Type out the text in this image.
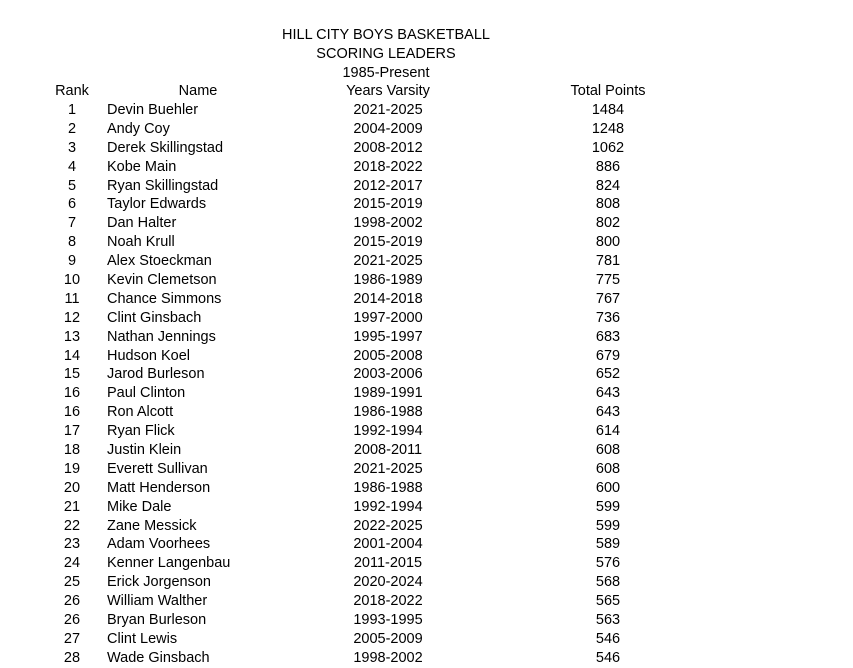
HILL CITY BOYS BASKETBALL
SCORING LEADERS
1985-Present
Rank	Name	Years Varsity	Total Points
1	Devin Buehler	2021-2025	1484
2	Andy Coy	2004-2009	1248
3	Derek Skillingstad	2008-2012	1062
4	Kobe Main	2018-2022	886
5	Ryan Skillingstad	2012-2017	824
6	Taylor Edwards	2015-2019	808
7	Dan Halter	1998-2002	802
8	Noah Krull	2015-2019	800
9	Alex Stoeckman	2021-2025	781
10	Kevin Clemetson	1986-1989	775
11	Chance Simmons	2014-2018	767
12	Clint Ginsbach	1997-2000	736
13	Nathan Jennings	1995-1997	683
14	Hudson Koel	2005-2008	679
15	Jarod Burleson	2003-2006	652
16	Paul Clinton	1989-1991	643
16	Ron Alcott	1986-1988	643
17	Ryan Flick	1992-1994	614
18	Justin Klein	2008-2011	608
19	Everett Sullivan	2021-2025	608
20	Matt Henderson	1986-1988	600
21	Mike Dale	1992-1994	599
22	Zane Messick	2022-2025	599
23	Adam Voorhees	2001-2004	589
24	Kenner Langenbau	2011-2015	576
25	Erick Jorgenson	2020-2024	568
26	William Walther	2018-2022	565
26	Bryan Burleson	1993-1995	563
27	Clint Lewis	2005-2009	546
28	Wade Ginsbach	1998-2002	546
